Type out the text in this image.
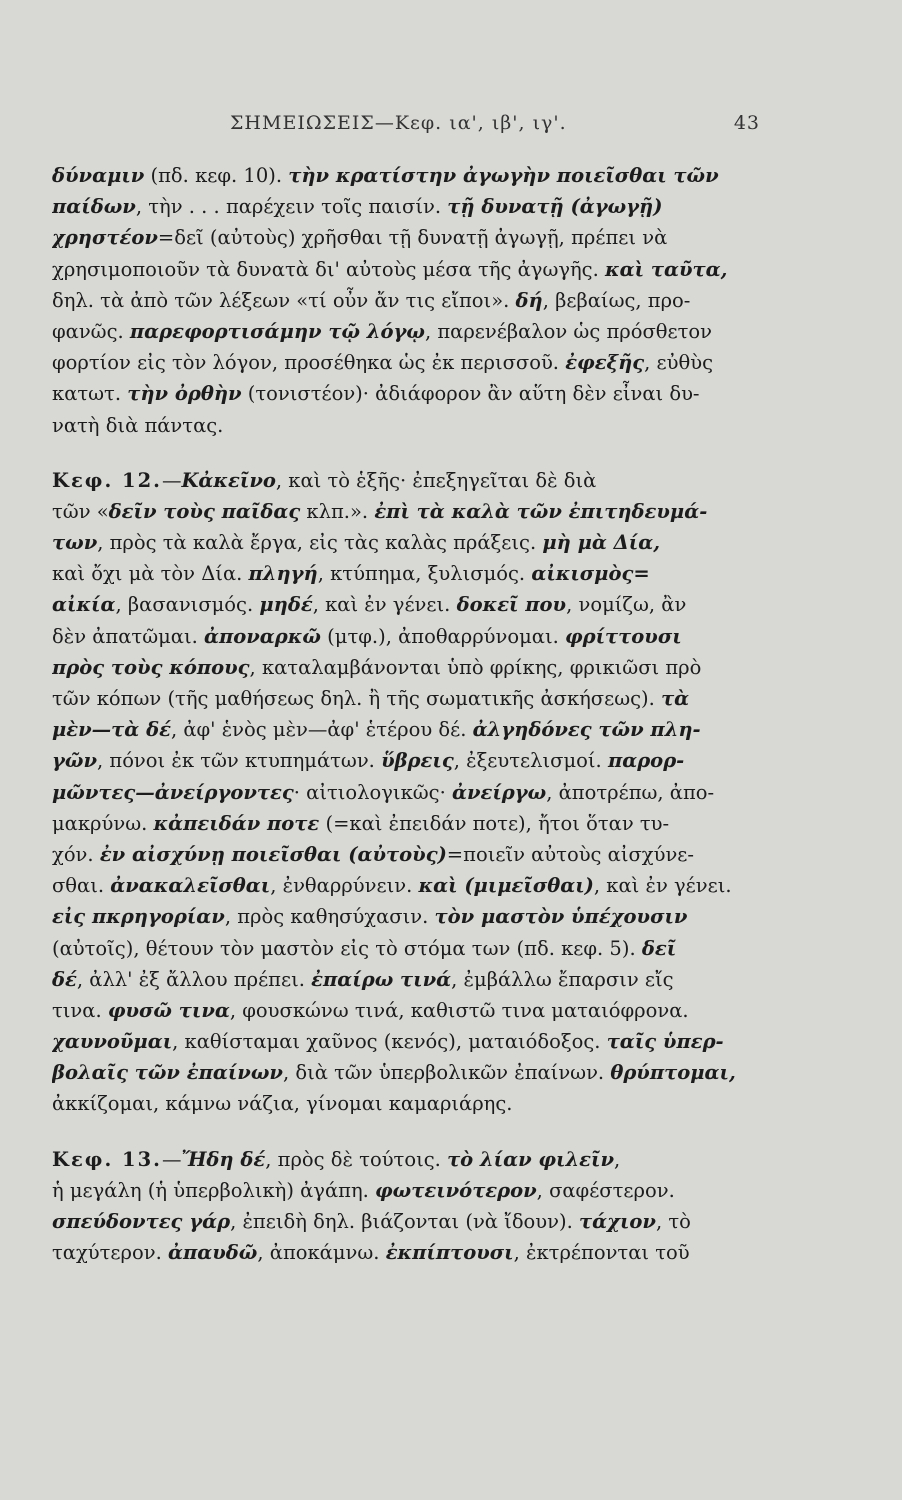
ΣΗΜΕΙΩΣΕΙΣ—Κεφ. ια', ιβ', ιγ'.	43
δύναμιν (πδ. κεφ. 10). τὴν κρατίστην ἀγωγὴν ποιεῖσθαι τῶν
παίδων, τὴν . . . παρέχειν τοῖς παισίν. τῇ δυνατῇ (ἀγωγῇ)
χρηστέον=δεῖ (αὐτοὺς) χρῆσθαι τῇ δυνατῇ ἀγωγῇ, πρέπει νὰ
χρησιμοποιοῦν τὰ δυνατὰ δι' αὐτοὺς μέσα τῆς ἀγωγῆς. καὶ ταῦτα,
δηλ. τὰ ἀπὸ τῶν λέξεων «τί οὖν ἄν τις εἴποι». δή, βεβαίως, προ-
φανῶς. παρεφορτισάμην τῷ λόγῳ, παρενέβαλον ὡς πρόσθετον
φορτίον εἰς τὸν λόγον, προσέθηκα ὡς ἐκ περισσοῦ. ἐφεξῆς, εὐθὺς
κατωτ. τὴν ὀρθὴν (τονιστέον)· ἀδιάφορον ἂν αὕτη δὲν εἶναι δυ-
νατὴ διὰ πάντας.
Κεφ. 12.—Κἀκεῖνο, καὶ τὸ ἑξῆς· ἐπεξηγεῖται δὲ διὰ
τῶν «δεῖν τοὺς παῖδας κλπ.». ἐπὶ τὰ καλὰ τῶν ἐπιτηδευμά-
των, πρὸς τὰ καλὰ ἔργα, εἰς τὰς καλὰς πράξεις. μὴ μὰ Δία,
καὶ ὄχι μὰ τὸν Δία. πληγή, κτύπημα, ξυλισμός. αἰκισμὸς=
αἰκία, βασανισμός. μηδέ, καὶ ἐν γένει. δοκεῖ που, νομίζω, ἂν
δὲν ἀπατῶμαι. ἀποναρκῶ (μτφ.), ἀποθαρρύνομαι. φρίττουσι
πρὸς τοὺς κόπους, καταλαμβάνονται ὑπὸ φρίκης, φρικιῶσι πρὸ
τῶν κόπων (τῆς μαθήσεως δηλ. ἢ τῆς σωματικῆς ἀσκήσεως). τὰ
μὲν—τὰ δέ, ἀφ' ἑνὸς μὲν—ἀφ' ἑτέρου δέ. ἀλγηδόνες τῶν πλη-
γῶν, πόνοι ἐκ τῶν κτυπημάτων. ὕβρεις, ἐξευτελισμοί. παρορ-
μῶντες—ἀνείργοντες· αἰτιολογικῶς· ἀνείργω, ἀποτρέπω, ἀπο-
μακρύνω. κἀπειδάν ποτε (=καὶ ἐπειδάν ποτε), ἤτοι ὅταν τυ-
χόν. ἐν αἰσχύνῃ ποιεῖσθαι (αὐτοὺς)=ποιεῖν αὐτοὺς αἰσχύνε-
σθαι. ἀνακαλεῖσθαι, ἐνθαρρύνειν. καὶ (μιμεῖσθαι), καὶ ἐν γένει.
εἰς πκρηγορίαν, πρὸς καθησύχασιν. τὸν μαστὸν ὑπέχουσιν
(αὐτοῖς), θέτουν τὸν μαστὸν εἰς τὸ στόμα των (πδ. κεφ. 5). δεῖ
δέ, ἀλλ' ἐξ ἄλλου πρέπει. ἐπαίρω τινά, ἐμβάλλω ἔπαρσιν εἴς
τινα. φυσῶ τινα, φουσκώνω τινά, καθιστῶ τινα ματαιόφρονα.
χαυνοῦμαι, καθίσταμαι χαῦνος (κενός), ματαιόδοξος. ταῖς ὑπερ-
βολαῖς τῶν ἐπαίνων, διὰ τῶν ὑπερβολικῶν ἐπαίνων. θρύπτομαι,
ἀκκίζομαι, κάμνω νάζια, γίνομαι καμαριάρης.
Κεφ. 13.—Ἤδη δέ, πρὸς δὲ τούτοις. τὸ λίαν φιλεῖν,
ἡ μεγάλη (ἡ ὑπερβολικὴ) ἀγάπη. φωτεινότερον, σαφέστερον.
σπεύδοντες γάρ, ἐπειδὴ δηλ. βιάζονται (νὰ ἴδουν). τάχιον, τὸ
ταχύτερον. ἀπαυδῶ, ἀποκάμνω. ἐκπίπτουσι, ἐκτρέπονται τοῦ
